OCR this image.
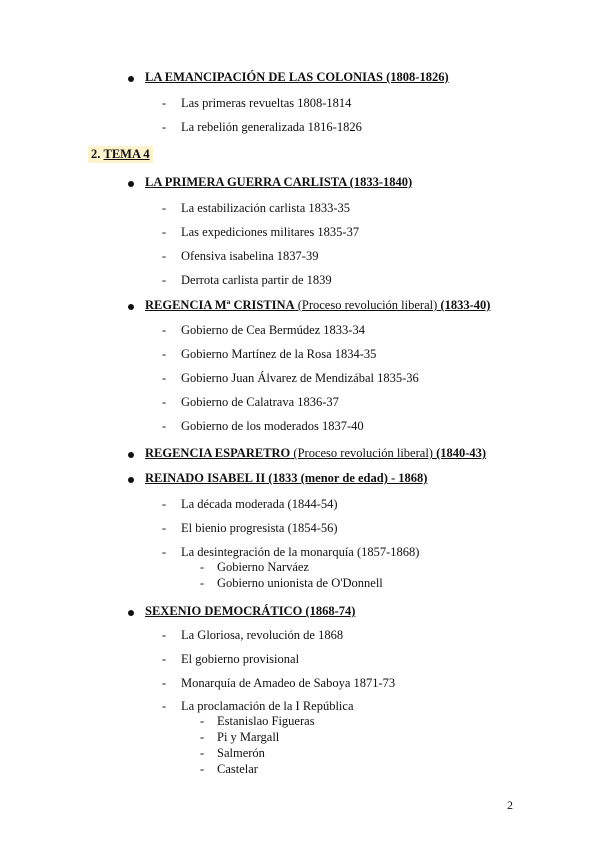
LA EMANCIPACIÓN DE LAS COLONIAS (1808-1826)
- Las primeras revueltas 1808-1814
- La rebelión generalizada 1816-1826
2. TEMA 4
LA PRIMERA GUERRA CARLISTA (1833-1840)
- La estabilización carlista 1833-35
- Las expediciones militares 1835-37
- Ofensiva isabelina 1837-39
- Derrota carlista partir de 1839
REGENCIA Mª CRISTINA (Proceso revolución liberal) (1833-40)
- Gobierno de Cea Bermúdez 1833-34
- Gobierno Martínez de la Rosa 1834-35
- Gobierno Juan Álvarez de Mendizábal 1835-36
- Gobierno de Calatrava 1836-37
- Gobierno de los moderados 1837-40
REGENCIA ESPARETRO (Proceso revolución liberal) (1840-43)
REINADO ISABEL II (1833 (menor de edad) - 1868)
- La década moderada (1844-54)
- El bienio progresista (1854-56)
- La desintegración de la monarquía (1857-1868)
- Gobierno Narváez
- Gobierno unionista de O'Donnell
SEXENIO DEMOCRÁTICO (1868-74)
- La Gloriosa, revolución de 1868
- El gobierno provisional
- Monarquía de Amadeo de Saboya 1871-73
- La proclamación de la I República
- Estanislao Figueras
- Pi y Margall
- Salmerón
- Castelar
2
